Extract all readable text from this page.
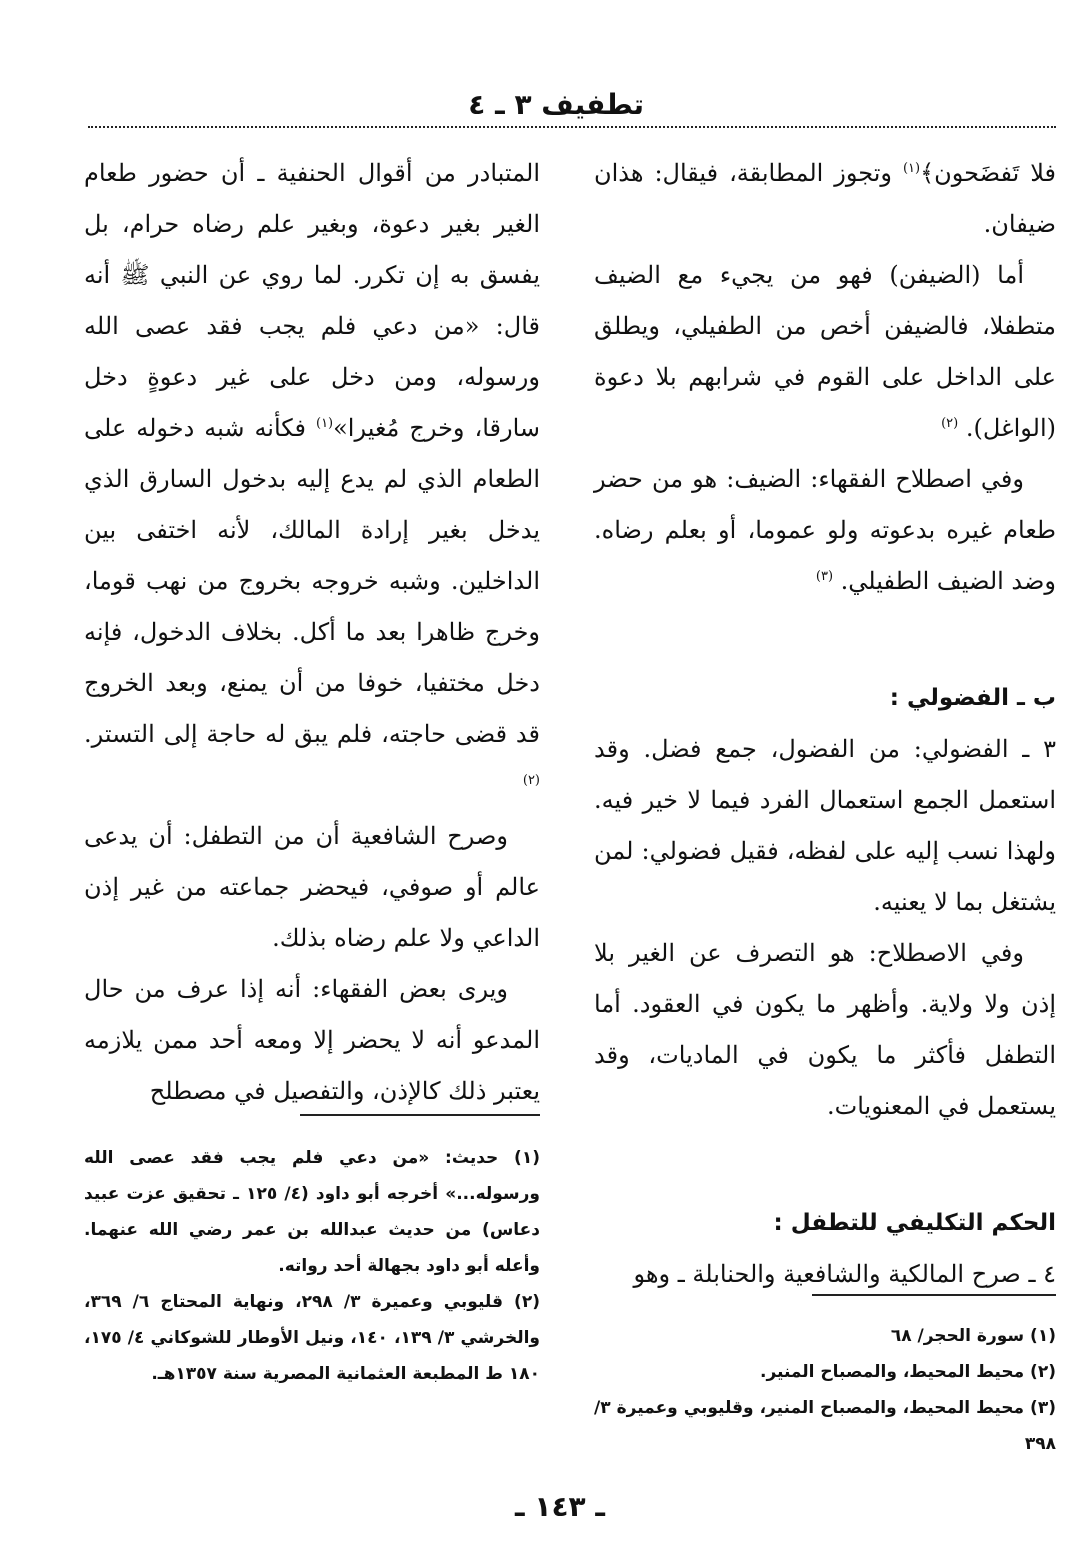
تطفيف ٣ ـ ٤

فلا تَفضَحون﴾$^{(١)}$ وتجوز المطابقة، فيقال: هذان ضيفان.

أما (الضيفن) فهو من يجيء مع الضيف متطفلا، فالضيفن أخص من الطفيلي، ويطلق على الداخل على القوم في شرابهم بلا دعوة (الواغل). $^{(٢)}$

وفي اصطلاح الفقهاء: الضيف: هو من حضر طعام غيره بدعوته ولو عموما، أو بعلم رضاه. وضد الضيف الطفيلي. $^{(٣)}$

ب ـ الفضولي :

٣ ـ الفضولي: من الفضول، جمع فضل. وقد استعمل الجمع استعمال الفرد فيما لا خير فيه. ولهذا نسب إليه على لفظه، فقيل فضولي: لمن يشتغل بما لا يعنيه.

وفي الاصطلاح: هو التصرف عن الغير بلا إذن ولا ولاية. وأظهر ما يكون في العقود. أما التطفل فأكثر ما يكون في الماديات، وقد يستعمل في المعنويات.

الحكم التكليفي للتطفل :

٤ ـ صرح المالكية والشافعية والحنابلة ـ وهو

المتبادر من أقوال الحنفية ـ أن حضور طعام الغير بغير دعوة، وبغير علم رضاه حرام، بل يفسق به إن تكرر. لما روي عن النبي ﷺ أنه قال: «من دعي فلم يجب فقد عصى الله ورسوله، ومن دخل على غير دعوةٍ دخل سارقا، وخرج مُغيرا»$^{(١)}$ فكأنه شبه دخوله على الطعام الذي لم يدع إليه بدخول السارق الذي يدخل بغير إرادة المالك، لأنه اختفى بين الداخلين. وشبه خروجه بخروج من نهب قوما، وخرج ظاهرا بعد ما أكل. بخلاف الدخول، فإنه دخل مختفيا، خوفا من أن يمنع، وبعد الخروج قد قضى حاجته، فلم يبق له حاجة إلى التستر. $^{(٢)}$

وصرح الشافعية أن من التطفل: أن يدعى عالم أو صوفي، فيحضر جماعته من غير إذن الداعي ولا علم رضاه بذلك.

ويرى بعض الفقهاء: أنه إذا عرف من حال المدعو أنه لا يحضر إلا ومعه أحد ممن يلازمه يعتبر ذلك كالإذن، والتفصيل في مصطلح

(١) حديث: «من دعي فلم يجب فقد عصى الله ورسوله...» أخرجه أبو داود (٤/ ١٢٥ ـ تحقيق عزت عبيد دعاس) من حديث عبدالله بن عمر رضي الله عنهما. وأعله أبو داود بجهالة أحد رواته.

(٢) قليوبي وعميرة ٣/ ٢٩٨، ونهاية المحتاج ٦/ ٣٦٩، والخرشي ٣/ ١٣٩، ١٤٠، ونيل الأوطار للشوكاني ٤/ ١٧٥، ١٨٠ ط المطبعة العثمانية المصرية سنة ١٣٥٧هـ.

(١) سورة الحجر/ ٦٨

(٢) محيط المحيط، والمصباح المنير.

(٣) محيط المحيط، والمصباح المنير، وقليوبي وعميرة ٣/ ٣٩٨

ـ ١٤٣ ـ
